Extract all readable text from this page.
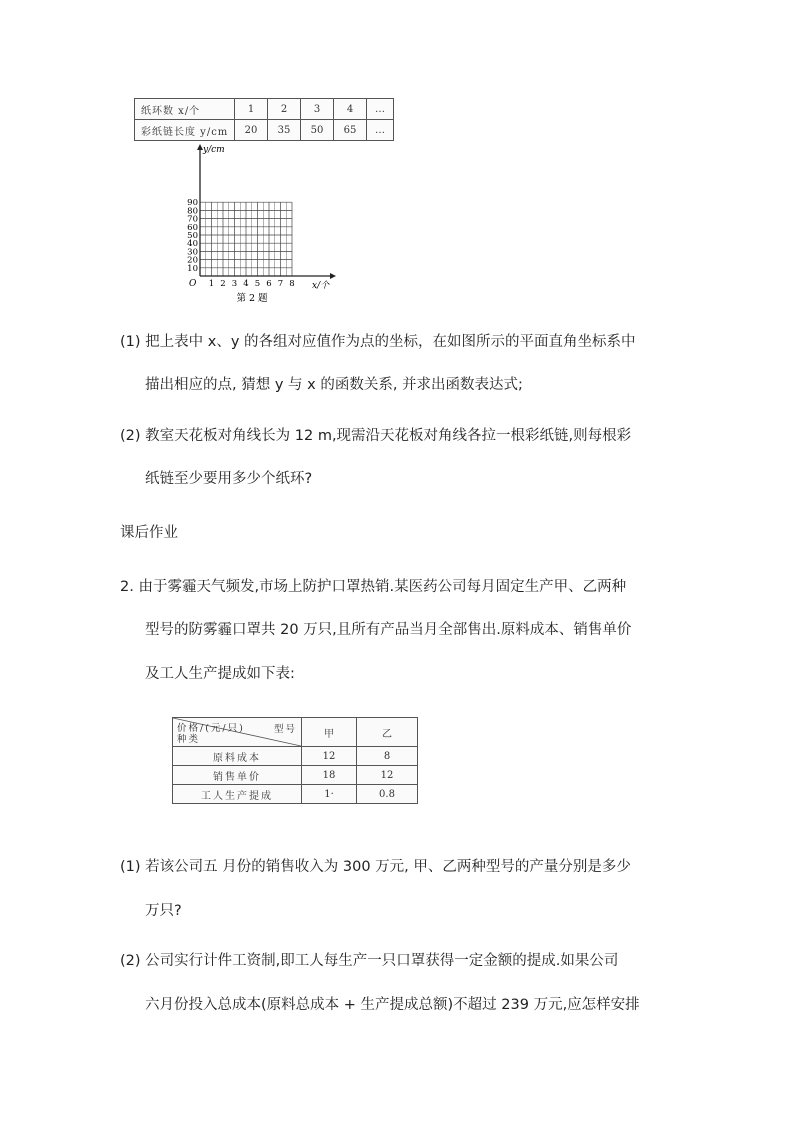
纸环数 x/个	1	2	3	4	…
彩纸链长度 y/cm	20	35	50	65	…
y/cm
x/个
O
10
20
30
40
50
60
70
80
90
1 2 3 4 5 6 7 8
第 2 题
(1) 把上表中 x、y 的各组对应值作为点的坐标，在如图所示的平面直角坐标系中
描出相应的点, 猜想 y 与 x 的函数关系, 并求出函数表达式;
(2) 教室天花板对角线长为 12 m,现需沿天花板对角线各拉一根彩纸链,则每根彩
纸链至少要用多少个纸环?
课后作业
2. 由于雾霾天气频发,市场上防护口罩热销.某医药公司每月固定生产甲、乙两种
型号的防雾霾口罩共 20 万只,且所有产品当月全部售出.原料成本、销售单价
及工人生产提成如下表:
价格/(元/只) 型号
种类	甲	乙
原料成本	12	8
销售单价	18	12
工人生产提成	1·	0.8
(1) 若该公司五 月份的销售收入为 300 万元, 甲、乙两种型号的产量分别是多少
万只?
(2) 公司实行计件工资制,即工人每生产一只口罩获得一定金额的提成.如果公司
六月份投入总成本(原料总成本 + 生产提成总额)不超过 239 万元,应怎样安排
